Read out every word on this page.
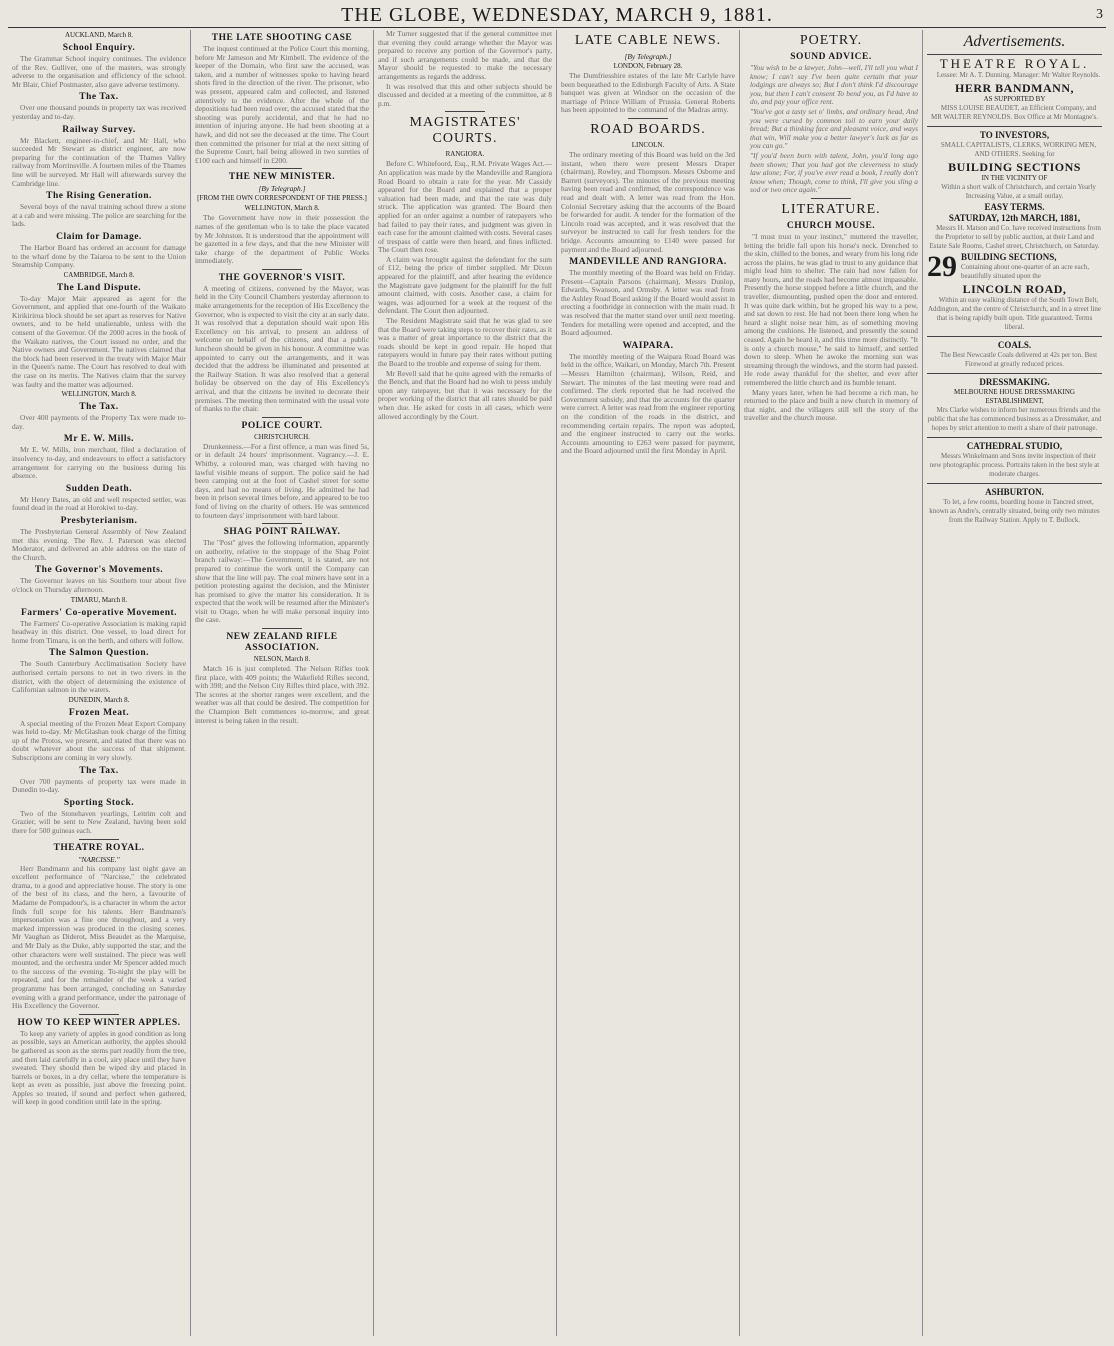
THE GLOBE, WEDNESDAY, MARCH 9, 1881.	3
AUCKLAND, March 8.
School Enquiry.

The Grammar School inquiry continues. The evidence of the Rev. Gulliver, one of the masters, was strongly adverse to the organisation and efficiency of the school. Mr Blair, Chief Postmaster, also gave adverse testimony.

The Tax.

Over one thousand pounds in property tax was received yesterday and to-day.

Railway Survey.

Mr Blackett, engineer-in-chief, and Mr Hall, who succeeded Mr Stewart as district engineer, are now preparing for the continuation of the Thames Valley railway from Morrinsville. A fourteen miles of the Thames line will be surveyed. Mr Hall will afterwards survey the Cambridge line.

The Rising Generation.

Several boys of the naval training school threw a stone at a cab and were missing. The police are searching for the lads.

Claim for Damage.

The Harbor Board has ordered an account for damage to the wharf done by the Taiaroa to be sent to the Union Steamship Company.

CAMBRIDGE, March 8.
The Land Dispute.

To-day Major Mair appeared as agent for the Government, and applied that one-fourth of the Waikato Kirikiriroa block should be set apart as reserves for Native owners, and to be held unalienable, unless with the consent of the Governor. Of the 2000 acres in the book of the Waikato natives, the Court issued no order, and the Native owners and Government. The natives claimed that the block had been reserved in the treaty with Major Mair in the Queen's name. The Court has resolved to deal with the case on its merits. The Natives claim that the survey was faulty and the matter was adjourned.

WELLINGTON, March 8.
The Tax.

Over 400 payments of the Property Tax were made to-day.

Mr E. W. Mills.

Mr E. W. Mills, iron merchant, filed a declaration of insolvency to-day, and endeavours to effect a satisfactory arrangement for carrying on the business during his absence.

Sudden Death.

Mr Henry Bates, an old and well respected settler, was found dead in the road at Horokiwi to-day.

Presbyterianism.

The Presbyterian General Assembly of New Zealand met this evening. The Rev. J. Paterson was elected Moderator, and delivered an able address on the state of the Church.

The Governor's Movements.

The Governor leaves on his Southern tour about five o'clock on Thursday afternoon.

TIMARU, March 8.
Farmers' Co-operative Movement.

The Farmers' Co-operative Association is making rapid headway in this district. One vessel, to load direct for home from Timaru, is on the berth, and others will follow.

The Salmon Question.

The South Canterbury Acclimatisation Society have authorised certain persons to net in two rivers in the district, with the object of determining the existence of Californian salmon in the waters.

DUNEDIN, March 8.
Frozen Meat.

A special meeting of the Frozen Meat Export Company was held to-day. Mr McGlashan took charge of the fitting up of the Protos, we present, and stated that there was no doubt whatever about the success of that shipment. Subscriptions are coming in very slowly.

The Tax.

Over 700 payments of property tax were made in Dunedin to-day.

Sporting Stock.

Two of the Stonehaven yearlings, Leitrim colt and Grazier, will be sent to New Zealand, having been sold there for 500 guineas each.

THEATRE ROYAL.
"NARCISSE."

Herr Bandmann and his company last night gave an excellent performance of "Narcisse," the celebrated drama, to a good and appreciative house. The story is one of the best of its class, and the hero, a favourite of Madame de Pompadour's, is a character in whom the actor finds full scope for his talents. Herr Bandmann's impersonation was a fine one throughout, and a very marked impression was produced in the closing scenes. Mr Vaughan as Diderot, Miss Beaudet as the Marquise, and Mr Daly as the Duke, ably supported the star, and the other characters were well sustained. The piece was well mounted, and the orchestra under Mr Spencer added much to the success of the evening. To-night the play will be repeated, and for the remainder of the week a varied programme has been arranged, concluding on Saturday evening with a grand performance, under the patronage of His Excellency the Governor.

HOW TO KEEP WINTER APPLES.

To keep any variety of apples in good condition as long as possible, says an American authority, the apples should be gathered as soon as the stems part readily from the tree, and then laid carefully in a cool, airy place until they have sweated. They should then be wiped dry and placed in barrels or boxes, in a dry cellar, where the temperature is kept as even as possible, just above the freezing point. Apples so treated, if sound and perfect when gathered, will keep in good condition until late in the spring.

THE LATE SHOOTING CASE

The inquest continued at the Police Court this morning, before Mr Jameson and Mr Kimbell. The evidence of the keeper of the Domain, who first saw the accused, was taken, and a number of witnesses spoke to having heard shots fired in the direction of the river. The prisoner, who was present, appeared calm and collected, and listened attentively to the evidence. After the whole of the depositions had been read over, the accused stated that the shooting was purely accidental, and that he had no intention of injuring anyone. He had been shooting at a hawk, and did not see the deceased at the time. The Court then committed the prisoner for trial at the next sitting of the Supreme Court, bail being allowed in two sureties of £100 each and himself in £200.

THE NEW MINISTER.
[By Telegraph.]
[FROM THE OWN CORRESPONDENT OF THE PRESS.]
WELLINGTON, March 8.

The Government have now in their possession the names of the gentleman who is to take the place vacated by Mr Johnston. It is understood that the appointment will be gazetted in a few days, and that the new Minister will take charge of the department of Public Works immediately.

THE GOVERNOR'S VISIT.

A meeting of citizens, convened by the Mayor, was held in the City Council Chambers yesterday afternoon to make arrangements for the reception of His Excellency the Governor, who is expected to visit the city at an early date. It was resolved that a deputation should wait upon His Excellency on his arrival, to present an address of welcome on behalf of the citizens, and that a public luncheon should be given in his honour. A committee was appointed to carry out the arrangements, and it was decided that the address be illuminated and presented at the Railway Station. It was also resolved that a general holiday be observed on the day of His Excellency's arrival, and that the citizens be invited to decorate their premises. The meeting then terminated with the usual vote of thanks to the chair.

POLICE COURT.
CHRISTCHURCH.

Drunkenness.—For a first offence, a man was fined 5s, or in default 24 hours' imprisonment. Vagrancy.—J. E. Whitby, a coloured man, was charged with having no lawful visible means of support. The police said he had been camping out at the foot of Cashel street for some days, and had no means of living. He admitted he had been in prison several times before, and appeared to be too fond of living on the charity of others. He was sentenced to fourteen days' imprisonment with hard labour.

SHAG POINT RAILWAY.

The "Post" gives the following information, apparently on authority, relative to the stoppage of the Shag Point branch railway:—The Government, it is stated, are not prepared to continue the work until the Company can show that the line will pay. The coal miners have sent in a petition protesting against the decision, and the Minister has promised to give the matter his consideration. It is expected that the work will be resumed after the Minister's visit to Otago, when he will make personal inquiry into the case.

NEW ZEALAND RIFLE ASSOCIATION.
NELSON, March 8.

Match 16 is just completed. The Nelson Rifles took first place, with 409 points; the Wakefield Rifles second, with 398; and the Nelson City Rifles third place, with 392. The scores at the shorter ranges were excellent, and the weather was all that could be desired. The competition for the Champion Belt commences to-morrow, and great interest is being taken in the result.

Mr Turner suggested that if the general committee met that evening they could arrange whether the Mayor was prepared to receive any portion of the Governor's party, and if such arrangements could be made, and that the Mayor should be requested to make the necessary arrangements as regards the address.

It was resolved that this and other subjects should be discussed and decided at a meeting of the committee, at 8 p.m.

MAGISTRATES' COURTS.
RANGIORA.

Before C. Whitefoord, Esq., R.M. Private Wages Act.—An application was made by the Mandeville and Rangiora Road Board to obtain a rate for the year. Mr Cassidy appeared for the Board and explained that a proper valuation had been made, and that the rate was duly struck. The application was granted. The Board then applied for an order against a number of ratepayers who had failed to pay their rates, and judgment was given in each case for the amount claimed with costs. Several cases of trespass of cattle were then heard, and fines inflicted. The Court then rose.

A claim was brought against the defendant for the sum of £12, being the price of timber supplied. Mr Dixon appeared for the plaintiff, and after hearing the evidence the Magistrate gave judgment for the plaintiff for the full amount claimed, with costs. Another case, a claim for wages, was adjourned for a week at the request of the defendant. The Court then adjourned.

The Resident Magistrate said that he was glad to see that the Board were taking steps to recover their rates, as it was a matter of great importance to the district that the roads should be kept in good repair. He hoped that ratepayers would in future pay their rates without putting the Board to the trouble and expense of suing for them.

Mr Revell said that he quite agreed with the remarks of the Bench, and that the Board had no wish to press unduly upon any ratepayer, but that it was necessary for the proper working of the district that all rates should be paid when due. He asked for costs in all cases, which were allowed accordingly by the Court.

LATE CABLE NEWS.
[By Telegraph.]
LONDON, February 28.

The Dumfriesshire estates of the late Mr Carlyle have been bequeathed to the Edinburgh Faculty of Arts. A State banquet was given at Windsor on the occasion of the marriage of Prince William of Prussia. General Roberts has been appointed to the command of the Madras army.

ROAD BOARDS.
LINCOLN.

The ordinary meeting of this Board was held on the 3rd instant, when there were present Messrs Draper (chairman), Rowley, and Thompson. Messrs Osborne and Barrett (surveyors). The minutes of the previous meeting having been read and confirmed, the correspondence was read and dealt with. A letter was read from the Hon. Colonial Secretary asking that the accounts of the Board be forwarded for audit. A tender for the formation of the Lincoln road was accepted, and it was resolved that the surveyor be instructed to call for fresh tenders for the bridge. Accounts amounting to £140 were passed for payment and the Board adjourned.

MANDEVILLE AND RANGIORA.

The monthly meeting of the Board was held on Friday. Present—Captain Parsons (chairman), Messrs Dunlop, Edwards, Swanson, and Ormsby. A letter was read from the Ashley Road Board asking if the Board would assist in erecting a footbridge in connection with the main road. It was resolved that the matter stand over until next meeting. Tenders for metalling were opened and accepted, and the Board adjourned.

WAIPARA.

The monthly meeting of the Waipara Road Board was held in the office, Waikari, on Monday, March 7th. Present—Messrs Hamilton (chairman), Wilson, Reid, and Stewart. The minutes of the last meeting were read and confirmed. The clerk reported that he had received the Government subsidy, and that the accounts for the quarter were correct. A letter was read from the engineer reporting on the condition of the roads in the district, and recommending certain repairs. The report was adopted, and the engineer instructed to carry out the works. Accounts amounting to £263 were passed for payment, and the Board adjourned until the first Monday in April.

POETRY.
SOUND ADVICE.

"You wish to be a lawyer, John—well, I'll tell you what I know; I can't say I've been quite certain that your lodgings are always so; But I don't think I'd discourage you, but then I can't consent To bend you, as I'd have to do, and pay your office rent.

"You've got a tasty set o' limbs, and ordinary head, And you were cursed by common toil to earn your daily bread; But a thinking face and pleasant voice, and ways that win, Will make you a better lawyer's luck as far as you can go."

"If you'd been born with talent, John, you'd long ago been shown; That you had got the cleverness to study law alone; For, if you've ever read a book, I really don't know when; Though, come to think, I'll give you sling a sod or two once again."

LITERATURE.
CHURCH MOUSE.

"I must trust to your instinct," muttered the traveller, letting the bridle fall upon his horse's neck. Drenched to the skin, chilled to the bones, and weary from his long ride across the plains, he was glad to trust to any guidance that might lead him to shelter. The rain had now fallen for many hours, and the roads had become almost impassable. Presently the horse stopped before a little church, and the traveller, dismounting, pushed open the door and entered. It was quite dark within, but he groped his way to a pew, and sat down to rest. He had not been there long when he heard a slight noise near him, as of something moving among the cushions. He listened, and presently the sound ceased. Again he heard it, and this time more distinctly. "It is only a church mouse," he said to himself, and settled down to sleep. When he awoke the morning sun was streaming through the windows, and the storm had passed. He rode away thankful for the shelter, and ever after remembered the little church and its humble tenant.

Many years later, when he had become a rich man, he returned to the place and built a new church in memory of that night, and the villagers still tell the story of the traveller and the church mouse.

Advertisements.
THEATRE ROYAL.

Lessee: Mr A. T. Dunning. Manager: Mr Walter Reynolds.

HERR BANDMANN,
AS SUPPORTED BY

MISS LOUISE BEAUDET, an Efficient Company, and MR WALTER REYNOLDS. Box Office at Mr Montagne's.

TO INVESTORS,

SMALL CAPITALISTS, CLERKS, WORKING MEN, AND OTHERS. Seeking for

BUILDING SECTIONS
IN THE VICINITY OF

Within a short walk of Christchurch, and certain Yearly Increasing Value, at a small outlay.

EASY TERMS.
SATURDAY, 12th MARCH, 1881,

Messrs H. Matson and Co. have received instructions from the Proprietor to sell by public auction, at their Land and Estate Sale Rooms, Cashel street, Christchurch, on Saturday.

29 BUILDING SECTIONS,

Containing about one-quarter of an acre each, beautifully situated upon the

LINCOLN ROAD,

Within an easy walking distance of the South Town Belt, Addington, and the centre of Christchurch, and in a street line that is being rapidly built upon. Title guaranteed. Terms liberal.

COALS.

The Best Newcastle Coals delivered at 42s per ton. Best Firewood at greatly reduced prices.

DRESSMAKING.
MELBOURNE HOUSE DRESSMAKING ESTABLISHMENT,

Mrs Clarke wishes to inform her numerous friends and the public that she has commenced business as a Dressmaker, and hopes by strict attention to merit a share of their patronage.

CATHEDRAL STUDIO,

Messrs Winkelmann and Sons invite inspection of their new photographic process. Portraits taken in the best style at moderate charges.

ASHBURTON.

To let, a few rooms, boarding house in Tancred street, known as Andre's, centrally situated, being only two minutes from the Railway Station. Apply to T. Bullock.
